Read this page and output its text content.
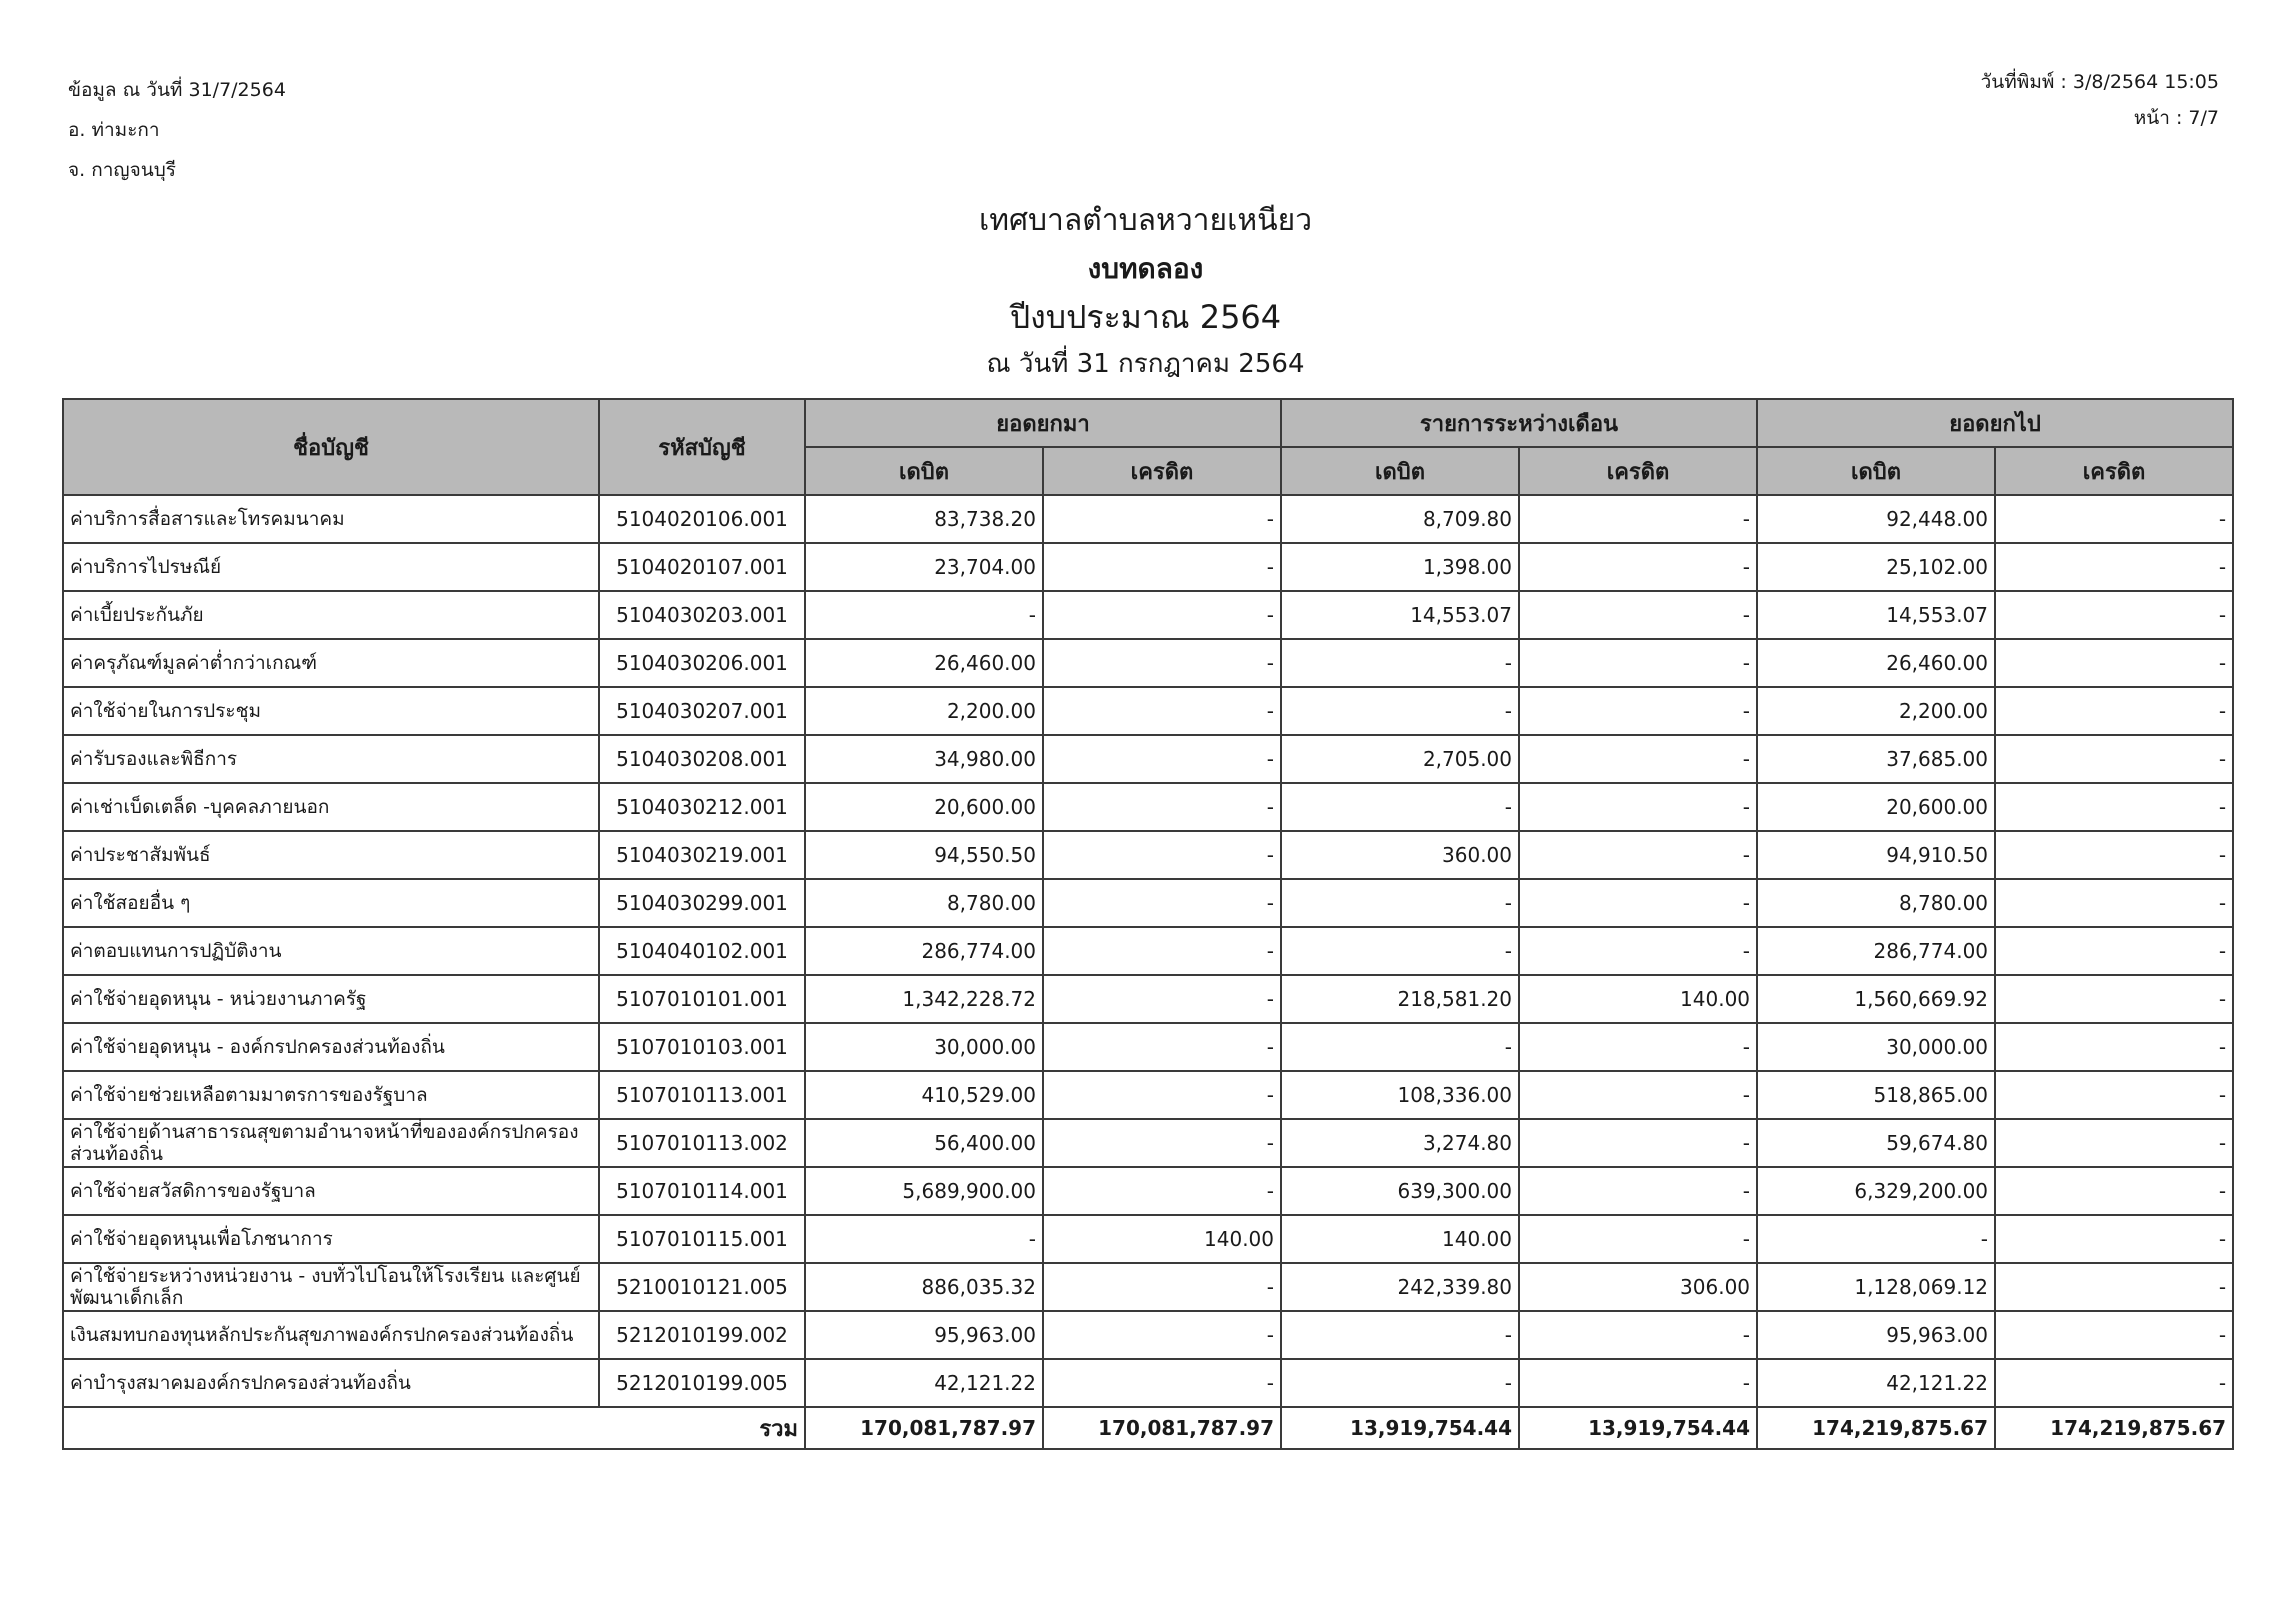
ข้อมูล ณ วันที่ 31/7/2564
อ. ท่ามะกา
จ. กาญจนบุรี
วันที่พิมพ์ : 3/8/2564 15:05
หน้า : 7/7
เทศบาลตำบลหวายเหนียว
งบทดลอง
ปีงบประมาณ 2564
ณ วันที่ 31 กรกฎาคม 2564
ชื่อบัญชี	รหัสบัญชี	ยอดยกมา		รายการระหว่างเดือน		ยอดยกไป	
		เดบิต	เครดิต	เดบิต	เครดิต	เดบิต	เครดิต
ค่าบริการสื่อสารและโทรคมนาคม	5104020106.001	83,738.20	-	8,709.80	-	92,448.00	-
ค่าบริการไปรษณีย์	5104020107.001	23,704.00	-	1,398.00	-	25,102.00	-
ค่าเบี้ยประกันภัย	5104030203.001	-	-	14,553.07	-	14,553.07	-
ค่าครุภัณฑ์มูลค่าต่ำกว่าเกณฑ์	5104030206.001	26,460.00	-	-	-	26,460.00	-
ค่าใช้จ่ายในการประชุม	5104030207.001	2,200.00	-	-	-	2,200.00	-
ค่ารับรองและพิธีการ	5104030208.001	34,980.00	-	2,705.00	-	37,685.00	-
ค่าเช่าเบ็ดเตล็ด -บุคคลภายนอก	5104030212.001	20,600.00	-	-	-	20,600.00	-
ค่าประชาสัมพันธ์	5104030219.001	94,550.50	-	360.00	-	94,910.50	-
ค่าใช้สอยอื่น ๆ	5104030299.001	8,780.00	-	-	-	8,780.00	-
ค่าตอบแทนการปฏิบัติงาน	5104040102.001	286,774.00	-	-	-	286,774.00	-
ค่าใช้จ่ายอุดหนุน - หน่วยงานภาครัฐ	5107010101.001	1,342,228.72	-	218,581.20	140.00	1,560,669.92	-
ค่าใช้จ่ายอุดหนุน - องค์กรปกครองส่วนท้องถิ่น	5107010103.001	30,000.00	-	-	-	30,000.00	-
ค่าใช้จ่ายช่วยเหลือตามมาตรการของรัฐบาล	5107010113.001	410,529.00	-	108,336.00	-	518,865.00	-
ค่าใช้จ่ายด้านสาธารณสุขตามอำนาจหน้าที่ขององค์กรปกครองส่วนท้องถิ่น	5107010113.002	56,400.00	-	3,274.80	-	59,674.80	-
ค่าใช้จ่ายสวัสดิการของรัฐบาล	5107010114.001	5,689,900.00	-	639,300.00	-	6,329,200.00	-
ค่าใช้จ่ายอุดหนุนเพื่อโภชนาการ	5107010115.001	-	140.00	140.00	-	-	-
ค่าใช้จ่ายระหว่างหน่วยงาน - งบทั่วไปโอนให้โรงเรียน และศูนย์พัฒนาเด็กเล็ก	5210010121.005	886,035.32	-	242,339.80	306.00	1,128,069.12	-
เงินสมทบกองทุนหลักประกันสุขภาพองค์กรปกครองส่วนท้องถิ่น	5212010199.002	95,963.00	-	-	-	95,963.00	-
ค่าบำรุงสมาคมองค์กรปกครองส่วนท้องถิ่น	5212010199.005	42,121.22	-	-	-	42,121.22	-
รวม		170,081,787.97	170,081,787.97	13,919,754.44	13,919,754.44	174,219,875.67	174,219,875.67
